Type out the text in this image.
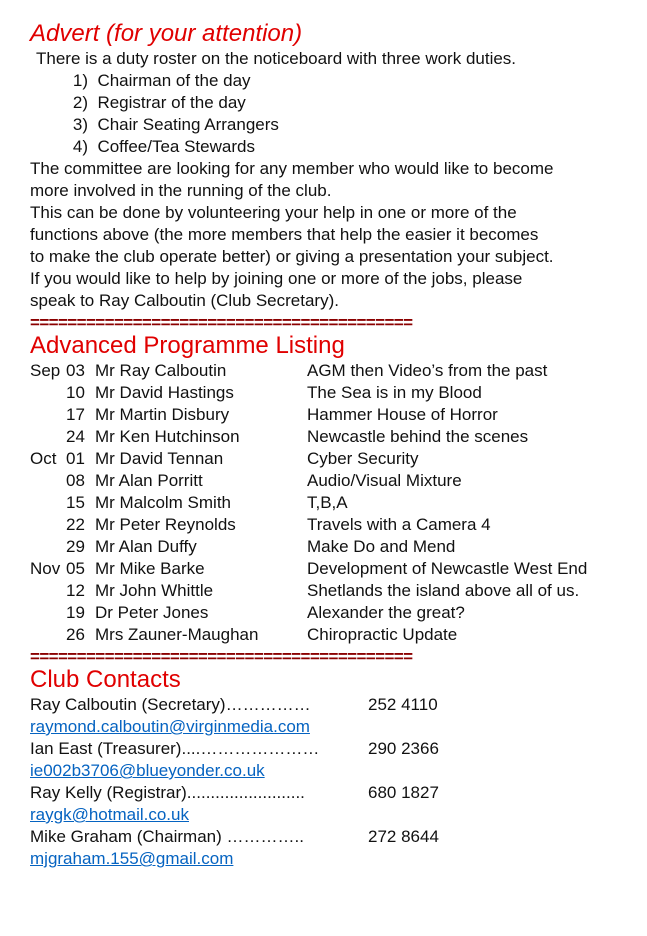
Advert (for your attention)

There is a duty roster on the noticeboard with three work duties.

1)
Chairman of the day
2)
Registrar of the day
3)
Chair Seating Arrangers
4)
Coffee/Tea Stewards

The committee are looking for any member who would like to become

more involved in the running of the club.

This can be done by volunteering your help in one or more of the

functions above (the more members that help the easier it becomes

to make the club operate better) or giving a presentation your subject.

If you would like to help by joining one or more of the jobs, please

speak to Ray Calboutin (Club Secretary).

=========================================
Advanced Programme Listing
Sep 03 Mr Ray Calboutin	AGM then Video’s from the past
10 Mr David Hastings	The Sea is in my Blood
17 Mr Martin Disbury	Hammer House of Horror
24 Mr Ken Hutchinson	Newcastle behind the scenes
Oct 01 Mr David Tennan	Cyber Security
08 Mr Alan Porritt	Audio/Visual Mixture
15 Mr Malcolm Smith	T,B,A
22 Mr Peter Reynolds	Travels with a Camera 4
29 Mr Alan Duffy	Make Do and Mend
Nov 05 Mr Mike Barke	Development of Newcastle West End
12 Mr John Whittle	Shetlands the island above all of us.
19 Dr Peter Jones	Alexander the great?
26 Mrs Zauner-Maughan	Chiropractic Update
=========================================
Club Contacts
Ray Calboutin (Secretary)……………	252 4110
raymond.calboutin@virginmedia.com
Ian East (Treasurer)....…………………	290 2366
ie002b3706@blueyonder.co.uk
Ray Kelly (Registrar).........................	680 1827
raygk@hotmail.co.uk
Mike Graham (Chairman) …………..	272 8644
mjgraham.155@gmail.com
